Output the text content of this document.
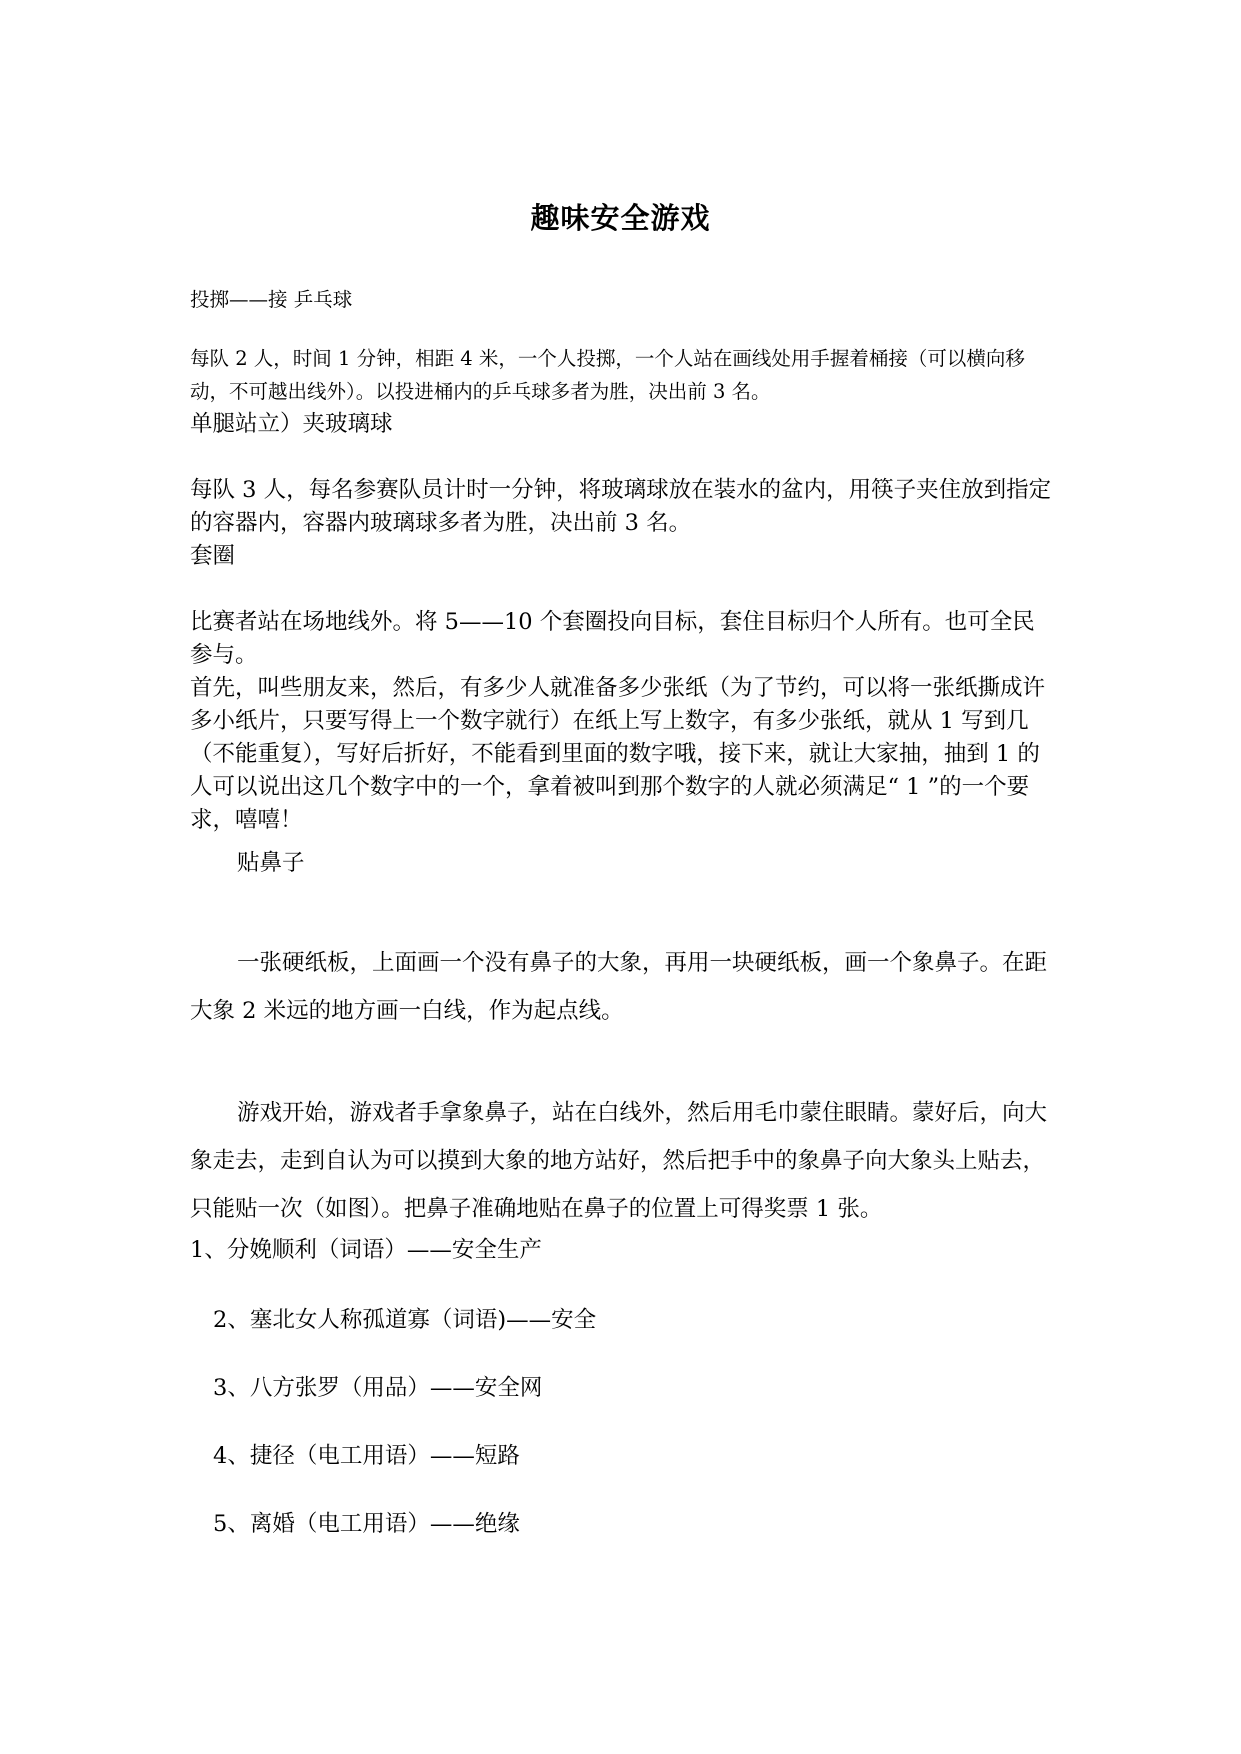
趣味安全游戏

投掷——接 乒乓球

每队 2 人，时间 1 分钟，相距 4 米，一个人投掷，一个人站在画线处用手握着桶接（可以横向移动，不可越出线外）。以投进桶内的乒乓球多者为胜，决出前 3 名。

单腿站立）夹玻璃球

每队 3 人，每名参赛队员计时一分钟，将玻璃球放在装水的盆内，用筷子夹住放到指定的容器内，容器内玻璃球多者为胜，决出前 3 名。

套圈

比赛者站在场地线外。将 5——10 个套圈投向目标，套住目标归个人所有。也可全民参与。

首先，叫些朋友来，然后，有多少人就准备多少张纸（为了节约，可以将一张纸撕成许多小纸片，只要写得上一个数字就行）在纸上写上数字，有多少张纸，就从 1 写到几（不能重复），写好后折好，不能看到里面的数字哦，接下来，就让大家抽，抽到 1 的人可以说出这几个数字中的一个，拿着被叫到那个数字的人就必须满足“ 1 ”的一个要求，嘻嘻！

贴鼻子

一张硬纸板，上面画一个没有鼻子的大象，再用一块硬纸板，画一个象鼻子。在距大象 2 米远的地方画一白线，作为起点线。

游戏开始，游戏者手拿象鼻子，站在白线外，然后用毛巾蒙住眼睛。蒙好后，向大象走去，走到自认为可以摸到大象的地方站好，然后把手中的象鼻子向大象头上贴去，只能贴一次（如图）。把鼻子准确地贴在鼻子的位置上可得奖票 1 张。

1、分娩顺利（词语）——安全生产

2、塞北女人称孤道寡（词语)——安全

3、八方张罗（用品）——安全网

4、捷径（电工用语）——短路

5、离婚（电工用语）——绝缘
